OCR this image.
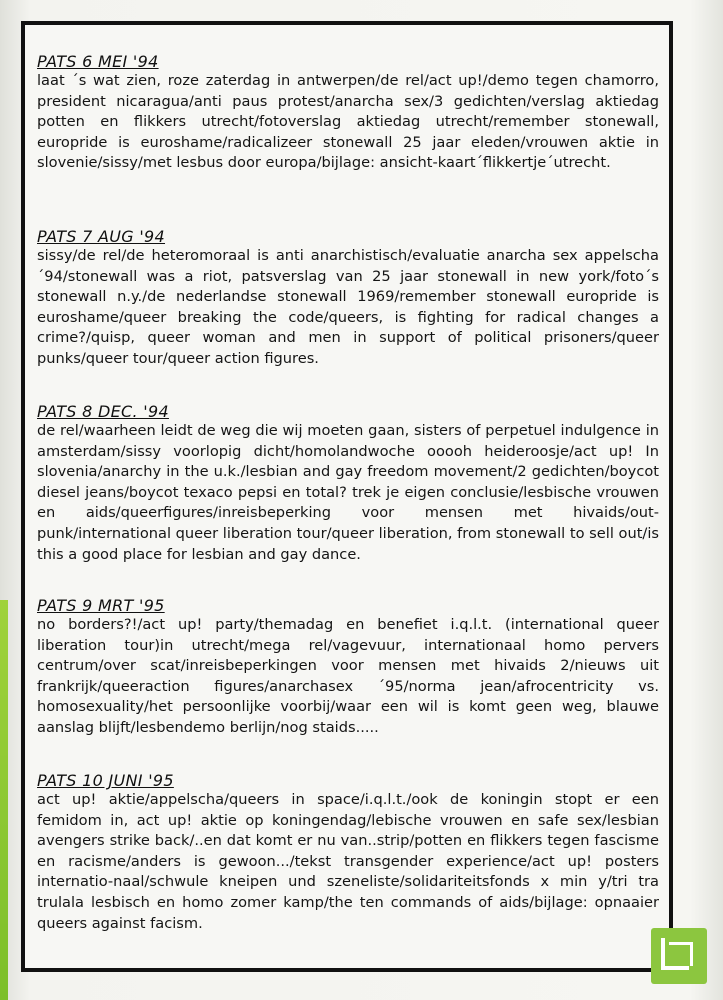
PATS 6 MEI '94

laat ´s wat zien, roze zaterdag in antwerpen/de rel/act up!/demo tegen chamorro, president nicaragua/anti paus protest/anarcha sex/3 gedichten/verslag aktiedag potten en flikkers utrecht/fotoverslag aktiedag utrecht/remember stonewall, europride is euroshame/radicalizeer stonewall 25 jaar eleden/vrouwen aktie in slovenie/sissy/met lesbus door europa/bijlage: ansicht-kaart´flikkertje´utrecht.

PATS 7 AUG '94

sissy/de rel/de heteromoraal is anti anarchistisch/evaluatie anarcha sex appelscha ´94/stonewall was a riot, patsverslag van 25 jaar stonewall in new york/foto´s stonewall n.y./de nederlandse stonewall 1969/remember stonewall europride is euroshame/queer breaking the code/queers, is fighting for radical changes a crime?/quisp, queer woman and men in support of political prisoners/queer punks/queer tour/queer action figures.

PATS 8 DEC. '94

de rel/waarheen leidt de weg die wij moeten gaan, sisters of perpetuel indulgence in amsterdam/sissy voorlopig dicht/homolandwoche ooooh heideroosje/act up! In slovenia/anarchy in the u.k./lesbian and gay freedom movement/2 gedichten/boycot diesel jeans/boycot texaco pepsi en total? trek je eigen conclusie/lesbische vrouwen en aids/queerfigures/inreisbeperking voor mensen met hivaids/out-punk/international queer liberation tour/queer liberation, from stonewall to sell out/is this a good place for lesbian and gay dance.

PATS 9 MRT '95

no borders?!/act up! party/themadag en benefiet i.q.l.t. (international queer liberation tour)in utrecht/mega rel/vagevuur, internationaal homo pervers centrum/over scat/inreisbeperkingen voor mensen met hivaids 2/nieuws uit frankrijk/queeraction figures/anarchasex ´95/norma jean/afrocentricity vs. homosexuality/het persoonlijke voorbij/waar een wil is komt geen weg, blauwe aanslag blijft/lesbendemo berlijn/nog staids.....

PATS 10 JUNI '95

act up! aktie/appelscha/queers in space/i.q.l.t./ook de koningin stopt er een femidom in, act up! aktie op koningendag/lebische vrouwen en safe sex/lesbian avengers strike back/..en dat komt er nu van..strip/potten en flikkers tegen fascisme en racisme/anders is gewoon.../tekst transgender experience/act up! posters internatio-naal/schwule kneipen und szeneliste/solidariteitsfonds x min y/tri tra trulala lesbisch en homo zomer kamp/the ten commands of aids/bijlage: opnaaier queers against facism.
